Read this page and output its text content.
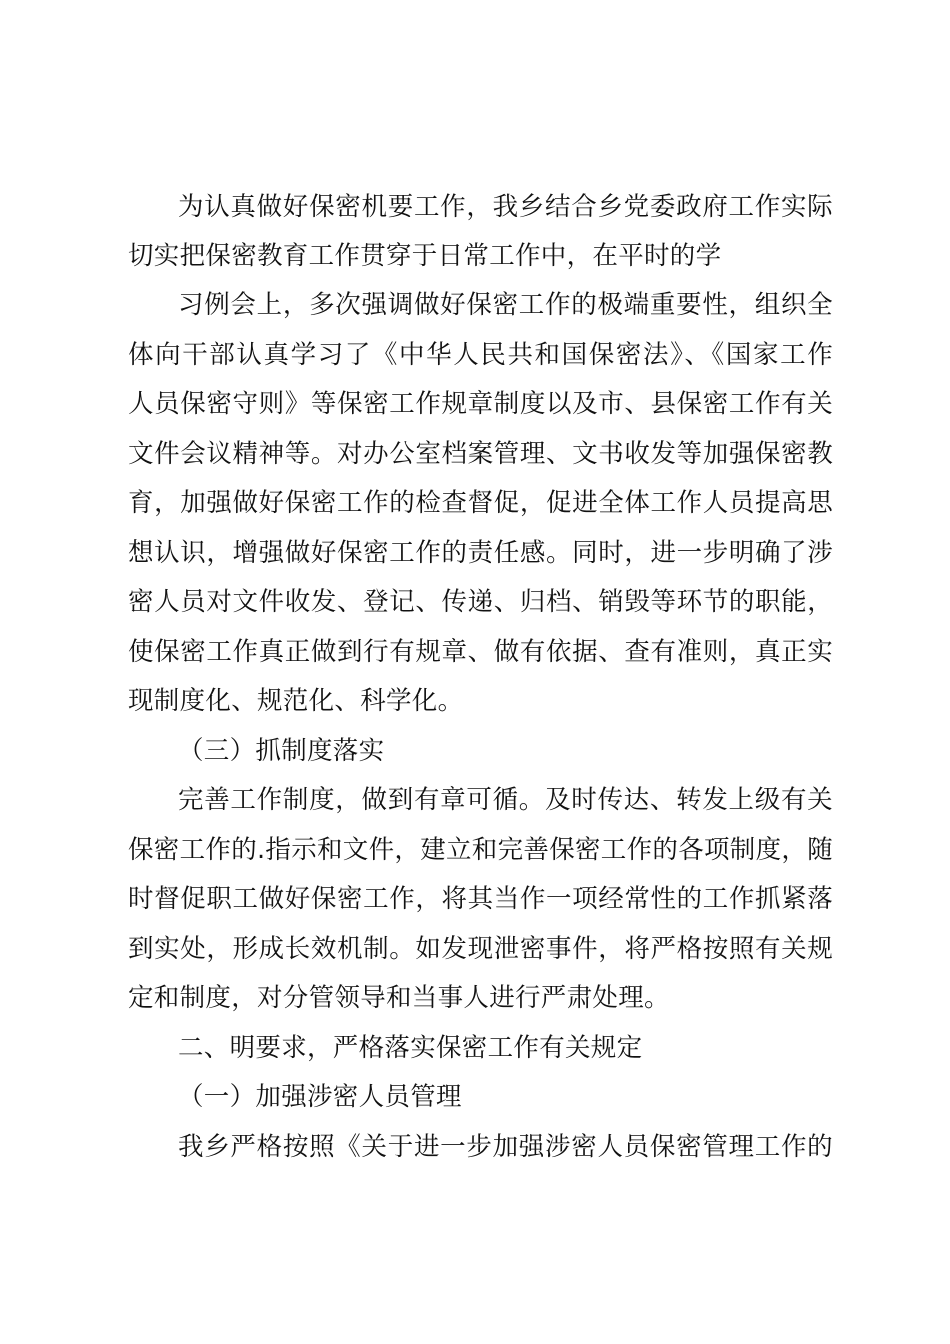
为认真做好保密机要工作，我乡结合乡党委政府工作实际
切实把保密教育工作贯穿于日常工作中，在平时的学
习例会上，多次强调做好保密工作的极端重要性，组织全
体向干部认真学习了《中华人民共和国保密法》、《国家工作
人员保密守则》等保密工作规章制度以及市、县保密工作有关
文件会议精神等。对办公室档案管理、文书收发等加强保密教
育，加强做好保密工作的检查督促，促进全体工作人员提高思
想认识，增强做好保密工作的责任感。同时，进一步明确了涉
密人员对文件收发、登记、传递、归档、销毁等环节的职能，
使保密工作真正做到行有规章、做有依据、查有准则，真正实
现制度化、规范化、科学化。
（三）抓制度落实
完善工作制度，做到有章可循。及时传达、转发上级有关
保密工作的.指示和文件，建立和完善保密工作的各项制度，随
时督促职工做好保密工作，将其当作一项经常性的工作抓紧落
到实处，形成长效机制。如发现泄密事件，将严格按照有关规
定和制度，对分管领导和当事人进行严肃处理。
二、明要求，严格落实保密工作有关规定
（一）加强涉密人员管理
我乡严格按照《关于进一步加强涉密人员保密管理工作的
